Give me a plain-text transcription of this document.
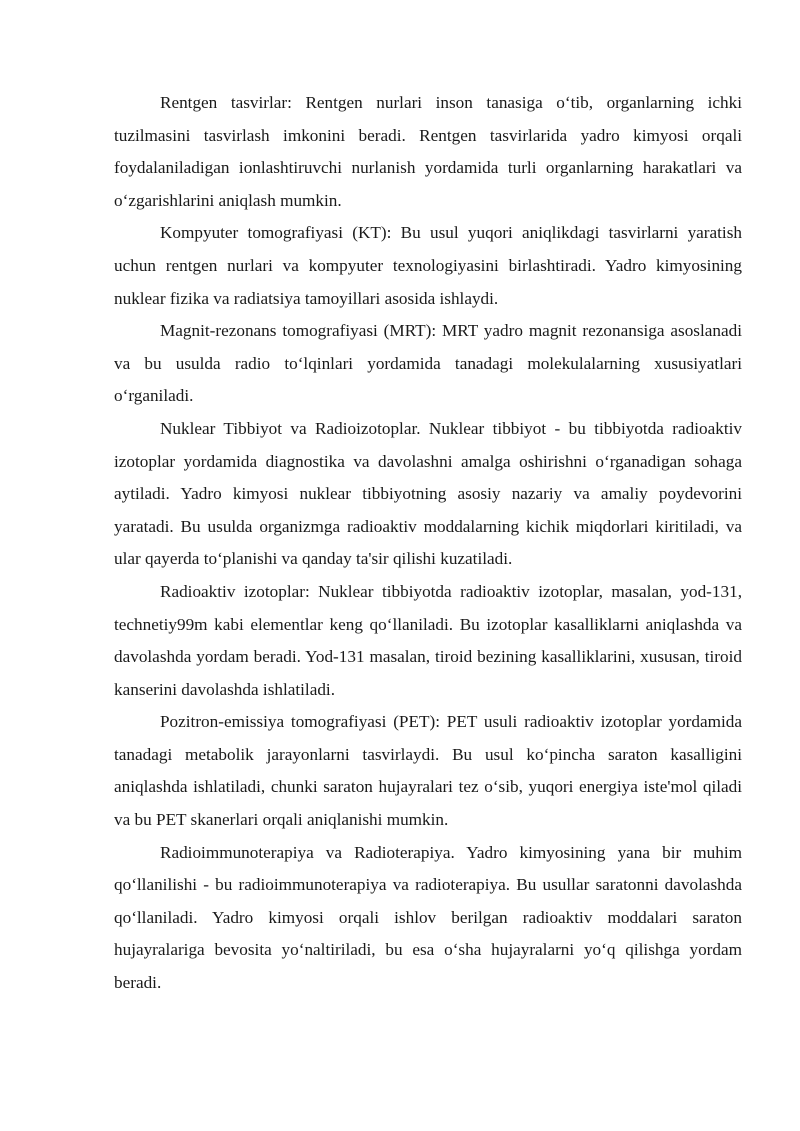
Rentgen tasvirlar: Rentgen nurlari inson tanasiga o‘tib, organlarning ichki tuzilmasini tasvirlash imkonini beradi. Rentgen tasvirlarida yadro kimyosi orqali foydalaniladigan ionlashtiruvchi nurlanish yordamida turli organlarning harakatlari va o‘zgarishlarini aniqlash mumkin.

Kompyuter tomografiyasi (KT): Bu usul yuqori aniqlikdagi tasvirlarni yaratish uchun rentgen nurlari va kompyuter texnologiyasini birlashtiradi. Yadro kimyosining nuklear fizika va radiatsiya tamoyillari asosida ishlaydi.

Magnit-rezonans tomografiyasi (MRT): MRT yadro magnit rezonansiga asoslanadi va bu usulda radio to‘lqinlari yordamida tanadagi molekulalarning xususiyatlari o‘rganiladi.

Nuklear Tibbiyot va Radioizotoplar. Nuklear tibbiyot - bu tibbiyotda radioaktiv izotoplar yordamida diagnostika va davolashni amalga oshirishni o‘rganadigan sohaga aytiladi. Yadro kimyosi nuklear tibbiyotning asosiy nazariy va amaliy poydevorini yaratadi. Bu usulda organizmga radioaktiv moddalarning kichik miqdorlari kiritiladi, va ular qayerda to‘planishi va qanday ta'sir qilishi kuzatiladi.

Radioaktiv izotoplar: Nuklear tibbiyotda radioaktiv izotoplar, masalan, yod-131, technetiy99m kabi elementlar keng qo‘llaniladi. Bu izotoplar kasalliklarni aniqlashda va davolashda yordam beradi. Yod-131 masalan, tiroid bezining kasalliklarini, xususan, tiroid kanserini davolashda ishlatiladi.

Pozitron-emissiya tomografiyasi (PET): PET usuli radioaktiv izotoplar yordamida tanadagi metabolik jarayonlarni tasvirlaydi. Bu usul ko‘pincha saraton kasalligini aniqlashda ishlatiladi, chunki saraton hujayralari tez o‘sib, yuqori energiya iste'mol qiladi va bu PET skanerlari orqali aniqlanishi mumkin.

Radioimmunoterapiya va Radioterapiya. Yadro kimyosining yana bir muhim qo‘llanilishi - bu radioimmunoterapiya va radioterapiya. Bu usullar saratonni davolashda qo‘llaniladi. Yadro kimyosi orqali ishlov berilgan radioaktiv moddalari saraton hujayralariga bevosita yo‘naltiriladi, bu esa o‘sha hujayralarni yo‘q qilishga yordam beradi.
